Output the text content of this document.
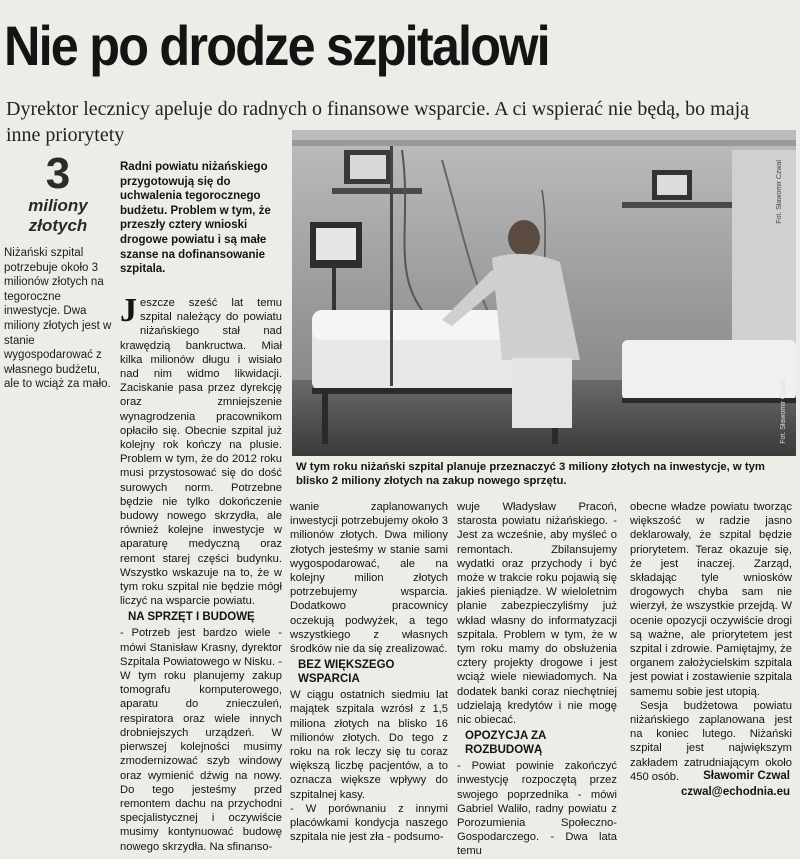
Nie po drodze szpitalowi
Dyrektor lecznicy apeluje do radnych o finansowe wsparcie. A ci wspierać nie będą, bo mają inne priorytety
3
miliony złotych
Niżański szpital potrzebuje około 3 milionów złotych na tegoroczne inwestycje. Dwa miliony złotych jest w stanie wygospodarować z własnego budżetu, ale to wciąż za mało.
Radni powiatu niżańskiego przygotowują się do uchwalenia tegorocznego budżetu. Problem w tym, że przeszły cztery wnioski drogowe powiatu i są małe szanse na dofinansowanie szpitala.
Fot. Sławomir Czwal
Fot. Sławomir Czwal
W tym roku niżański szpital planuje przeznaczyć 3 miliony złotych na inwestycje, w tym blisko 2 miliony złotych na zakup nowego sprzętu.

Jeszcze sześć lat temu szpital należący do powiatu niżańskiego stał nad krawędzią bankructwa. Miał kilka milionów długu i wisiało nad nim widmo likwidacji. Zaciskanie pasa przez dyrekcję oraz zmniejszenie wynagrodzenia pracownikom opłaciło się. Obecnie szpital już kolejny rok kończy na plusie. Problem w tym, że do 2012 roku musi przystosować się do dość surowych norm. Potrzebne będzie nie tylko dokończenie budowy nowego skrzydła, ale również kolejne inwestycje w aparaturę medyczną oraz remont starej części budynku. Wszystko wskazuje na to, że w tym roku szpital nie będzie mógł liczyć na wsparcie powiatu.

NA SPRZĘT I BUDOWĘ

- Potrzeb jest bardzo wiele - mówi Stanisław Krasny, dyrektor Szpitala Powiatowego w Nisku. - W tym roku planujemy zakup tomografu komputerowego, aparatu do znieczuleń, respiratora oraz wiele innych drobniejszych urządzeń. W pierwszej kolejności musimy zmodernizować szyb windowy oraz wymienić dźwig na nowy. Do tego jesteśmy przed remontem dachu na przychodni specjalistycznej i oczywiście musimy kontynuować budowę nowego skrzydła. Na sfinanso-

wanie zaplanowanych inwestycji potrzebujemy około 3 milionów złotych. Dwa miliony złotych jesteśmy w stanie sami wygospodarować, ale na kolejny milion złotych potrzebujemy wsparcia. Dodatkowo pracownicy oczekują podwyżek, a tego wszystkiego z własnych środków nie da się zrealizować.

BEZ WIĘKSZEGO WSPARCIA

W ciągu ostatnich siedmiu lat majątek szpitala wzrósł z 1,5 miliona złotych na blisko 16 milionów złotych. Do tego z roku na rok leczy się tu coraz większą liczbę pacjentów, a to oznacza większe wpływy do szpitalnej kasy.

- W porównaniu z innymi placówkami kondycja naszego szpitala nie jest zła - podsumo-

wuje Władysław Pracoń, starosta powiatu niżańskiego. - Jest za wcześnie, aby myśleć o remontach. Zbilansujemy wydatki oraz przychody i być może w trakcie roku pojawią się jakieś pieniądze. W wieloletnim planie zabezpieczyliśmy już wkład własny do informatyzacji szpitala. Problem w tym, że w tym roku mamy do obsłużenia cztery projekty drogowe i jest wciąż wiele niewiadomych. Na dodatek banki coraz niechętniej udzielają kredytów i nie mogę nic obiecać.

OPOZYCJA ZA ROZBUDOWĄ

- Powiat powinie zakończyć inwestycję rozpoczętą przez swojego poprzednika - mówi Gabriel Waliło, radny powiatu z Porozumienia Społeczno-Gospodarczego. - Dwa lata temu

obecne władze powiatu tworząc większość w radzie jasno deklarowały, że szpital będzie priorytetem. Teraz okazuje się, że jest inaczej. Zarząd, składając tyle wniosków drogowych chyba sam nie wierzył, że wszystkie przejdą. W ocenie opozycji oczywiście drogi są ważne, ale priorytetem jest szpital i zdrowie. Pamiętajmy, że organem założycielskim szpitala jest powiat i zostawienie szpitala samemu sobie jest utopią.

Sesja budżetowa powiatu niżańskiego zaplanowana jest na koniec lutego. Niżański szpital jest największym zakładem zatrudniającym około 450 osób.	Sławomir Czwal
czwal@echodnia.eu
